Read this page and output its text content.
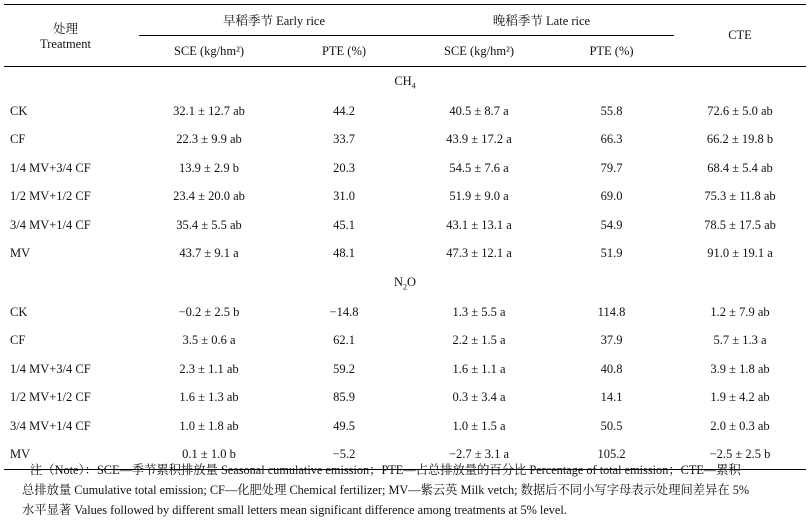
处理
Treatment	早稻季节 Early rice		晚稻季节 Late rice		CTE
	SCE (kg/hm²)	PTE (%)	SCE (kg/hm²)	PTE (%)	
$CH_4$
CK	32.1 ± 12.7 ab	44.2	40.5 ± 8.7 a	55.8	72.6 ± 5.0 ab
CF	22.3 ± 9.9 ab	33.7	43.9 ± 17.2 a	66.3	66.2 ± 19.8 b
1/4 MV+3/4 CF	13.9 ± 2.9 b	20.3	54.5 ± 7.6 a	79.7	68.4 ± 5.4 ab
1/2 MV+1/2 CF	23.4 ± 20.0 ab	31.0	51.9 ± 9.0 a	69.0	75.3 ± 11.8 ab
3/4 MV+1/4 CF	35.4 ± 5.5 ab	45.1	43.1 ± 13.1 a	54.9	78.5 ± 17.5 ab
MV	43.7 ± 9.1 a	48.1	47.3 ± 12.1 a	51.9	91.0 ± 19.1 a
$N_2O$					
CK	−0.2 ± 2.5 b	−14.8	1.3 ± 5.5 a	114.8	1.2 ± 7.9 ab
CF	3.5 ± 0.6 a	62.1	2.2 ± 1.5 a	37.9	5.7 ± 1.3 a
1/4 MV+3/4 CF	2.3 ± 1.1 ab	59.2	1.6 ± 1.1 a	40.8	3.9 ± 1.8 ab
1/2 MV+1/2 CF	1.6 ± 1.3 ab	85.9	0.3 ± 3.4 a	14.1	1.9 ± 4.2 ab
3/4 MV+1/4 CF	1.0 ± 1.8 ab	49.5	1.0 ± 1.5 a	50.5	2.0 ± 0.3 ab
MV	0.1 ± 1.0 b	−5.2	−2.7 ± 3.1 a	105.2	−2.5 ± 2.5 b
注（Note）：SCE—季节累积排放量 Seasonal cumulative emission；PTE—占总排放量的百分比 Percentage of total emission；CTE—累积
总排放量 Cumulative total emission; CF—化肥处理 Chemical fertilizer; MV—紫云英 Milk vetch; 数据后不同小写字母表示处理间差异在 5%
水平显著 Values followed by different small letters mean significant difference among treatments at 5% level.
